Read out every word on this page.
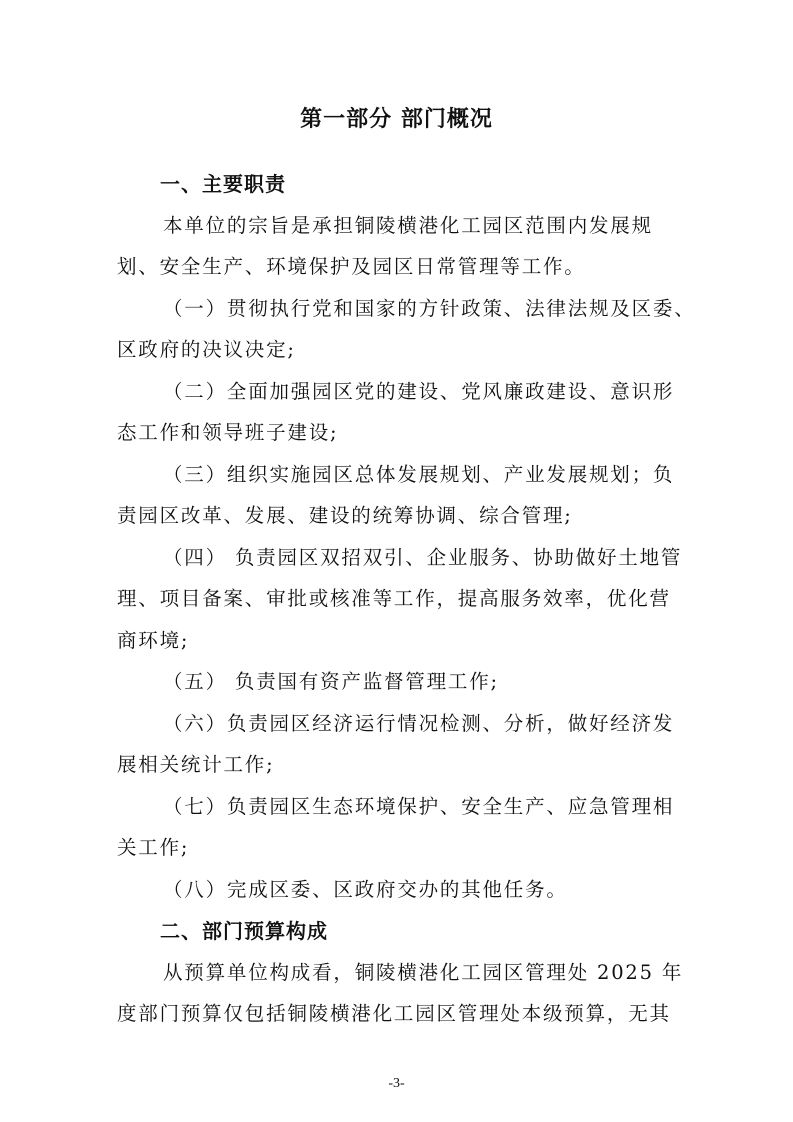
第一部分 部门概况
一、主要职责
本单位的宗旨是承担铜陵横港化工园区范围内发展规
划、安全生产、环境保护及园区日常管理等工作。
（一）贯彻执行党和国家的方针政策、法律法规及区委、
区政府的决议决定;
（二）全面加强园区党的建设、党风廉政建设、意识形
态工作和领导班子建设;
（三）组织实施园区总体发展规划、产业发展规划；负
责园区改革、发展、建设的统筹协调、综合管理;
（四） 负责园区双招双引、企业服务、协助做好土地管
理、项目备案、审批或核准等工作，提高服务效率，优化营
商环境;
（五） 负责国有资产监督管理工作;
（六）负责园区经济运行情况检测、分析，做好经济发
展相关统计工作;
（七）负责园区生态环境保护、安全生产、应急管理相
关工作;
（八）完成区委、区政府交办的其他任务。
二、部门预算构成
从预算单位构成看，铜陵横港化工园区管理处 2025 年
度部门预算仅包括铜陵横港化工园区管理处本级预算，无其
-3-
